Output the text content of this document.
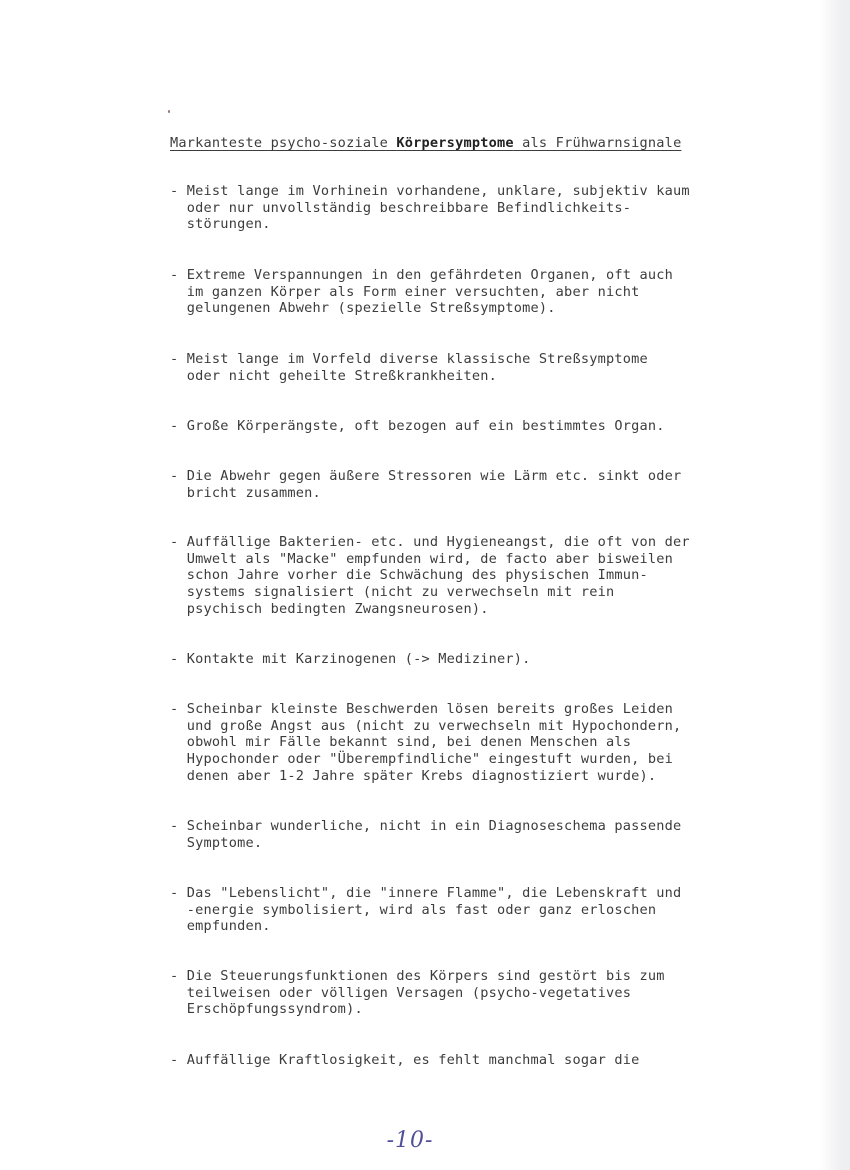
Markanteste psycho-soziale Körpersymptome als Frühwarnsignale

- Meist lange im Vorhinein vorhandene, unklare, subjektiv kaum
oder nur unvollständig beschreibbare Befindlichkeits-
störungen.

- Extreme Verspannungen in den gefährdeten Organen, oft auch
im ganzen Körper als Form einer versuchten, aber nicht
gelungenen Abwehr (spezielle Streßsymptome).

- Meist lange im Vorfeld diverse klassische Streßsymptome
oder nicht geheilte Streßkrankheiten.

- Große Körperängste, oft bezogen auf ein bestimmtes Organ.

- Die Abwehr gegen äußere Stressoren wie Lärm etc. sinkt oder
bricht zusammen.

- Auffällige Bakterien- etc. und Hygieneangst, die oft von der
Umwelt als "Macke" empfunden wird, de facto aber bisweilen
schon Jahre vorher die Schwächung des physischen Immun-
systems signalisiert (nicht zu verwechseln mit rein
psychisch bedingten Zwangsneurosen).

- Kontakte mit Karzinogenen (-> Mediziner).

- Scheinbar kleinste Beschwerden lösen bereits großes Leiden
und große Angst aus (nicht zu verwechseln mit Hypochondern,
obwohl mir Fälle bekannt sind, bei denen Menschen als
Hypochonder oder "Überempfindliche" eingestuft wurden, bei
denen aber 1-2 Jahre später Krebs diagnostiziert wurde).

- Scheinbar wunderliche, nicht in ein Diagnoseschema passende
Symptome.

- Das "Lebenslicht", die "innere Flamme", die Lebenskraft und
-energie symbolisiert, wird als fast oder ganz erloschen
empfunden.

- Die Steuerungsfunktionen des Körpers sind gestört bis zum
teilweisen oder völligen Versagen (psycho-vegetatives
Erschöpfungssyndrom).

- Auffällige Kraftlosigkeit, es fehlt manchmal sogar die

-10-
